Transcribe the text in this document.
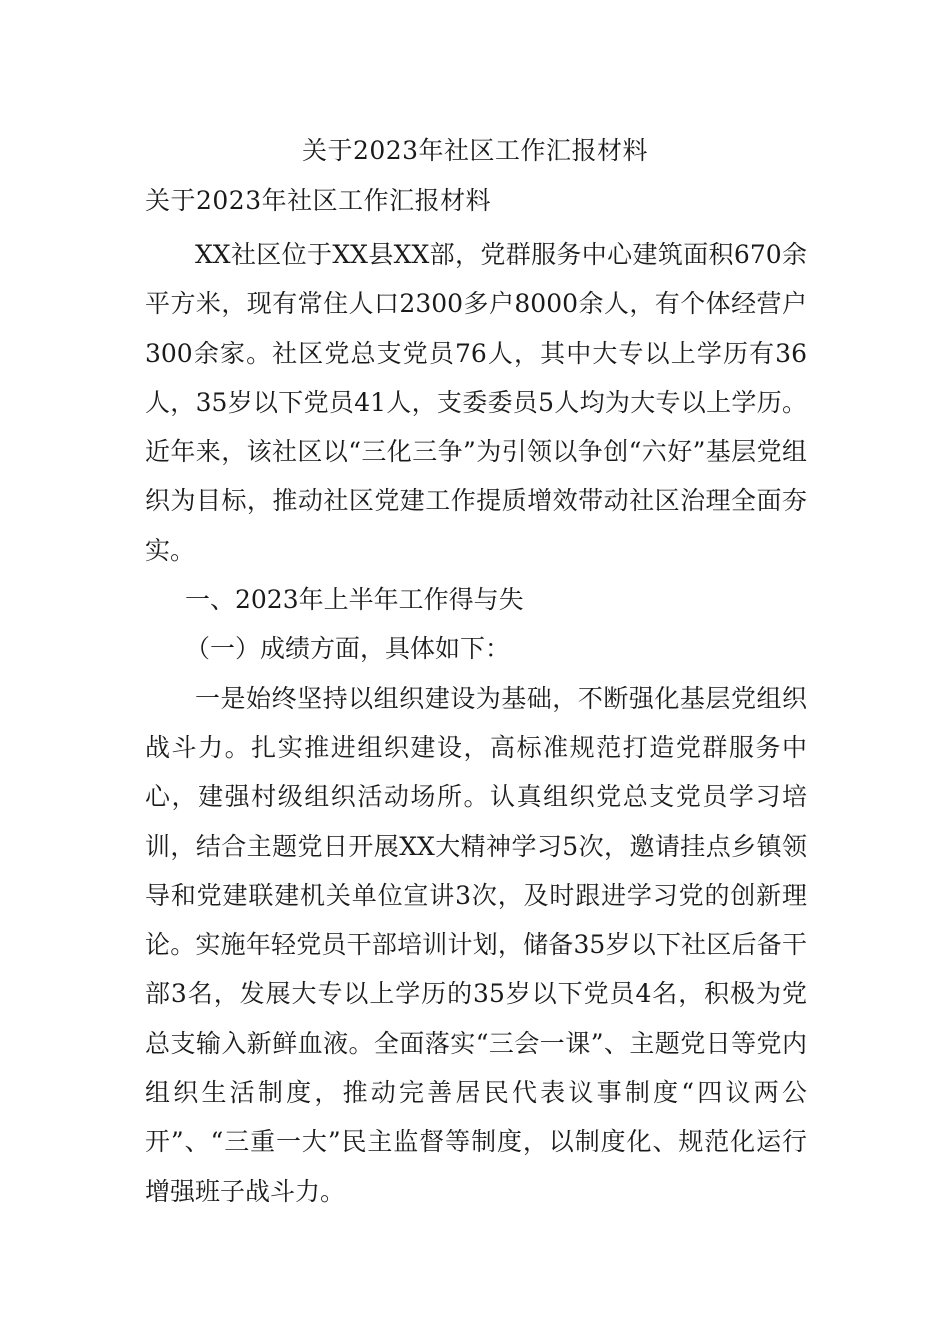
关于2023年社区工作汇报材料
关于2023年社区工作汇报材料

XX社区位于XX县XX部，党群服务中心建筑面积670余平方米，现有常住人口2300多户8000余人，有个体经营户300余家。社区党总支党员76人，其中大专以上学历有36人，35岁以下党员41人，支委委员5人均为大专以上学历。近年来，该社区以“三化三争”为引领以争创“六好”基层党组织为目标，推动社区党建工作提质增效带动社区治理全面夯实。

一、2023年上半年工作得与失

（一）成绩方面，具体如下：

一是始终坚持以组织建设为基础，不断强化基层党组织战斗力。扎实推进组织建设，高标准规范打造党群服务中心，建强村级组织活动场所。认真组织党总支党员学习培训，结合主题党日开展XX大精神学习5次，邀请挂点乡镇领导和党建联建机关单位宣讲3次，及时跟进学习党的创新理论。实施年轻党员干部培训计划，储备35岁以下社区后备干部3名，发展大专以上学历的35岁以下党员4名，积极为党总支输入新鲜血液。全面落实“三会一课”、主题党日等党内组织生活制度，推动完善居民代表议事制度“四议两公开”、“三重一大”民主监督等制度，以制度化、规范化运行增强班子战斗力。
